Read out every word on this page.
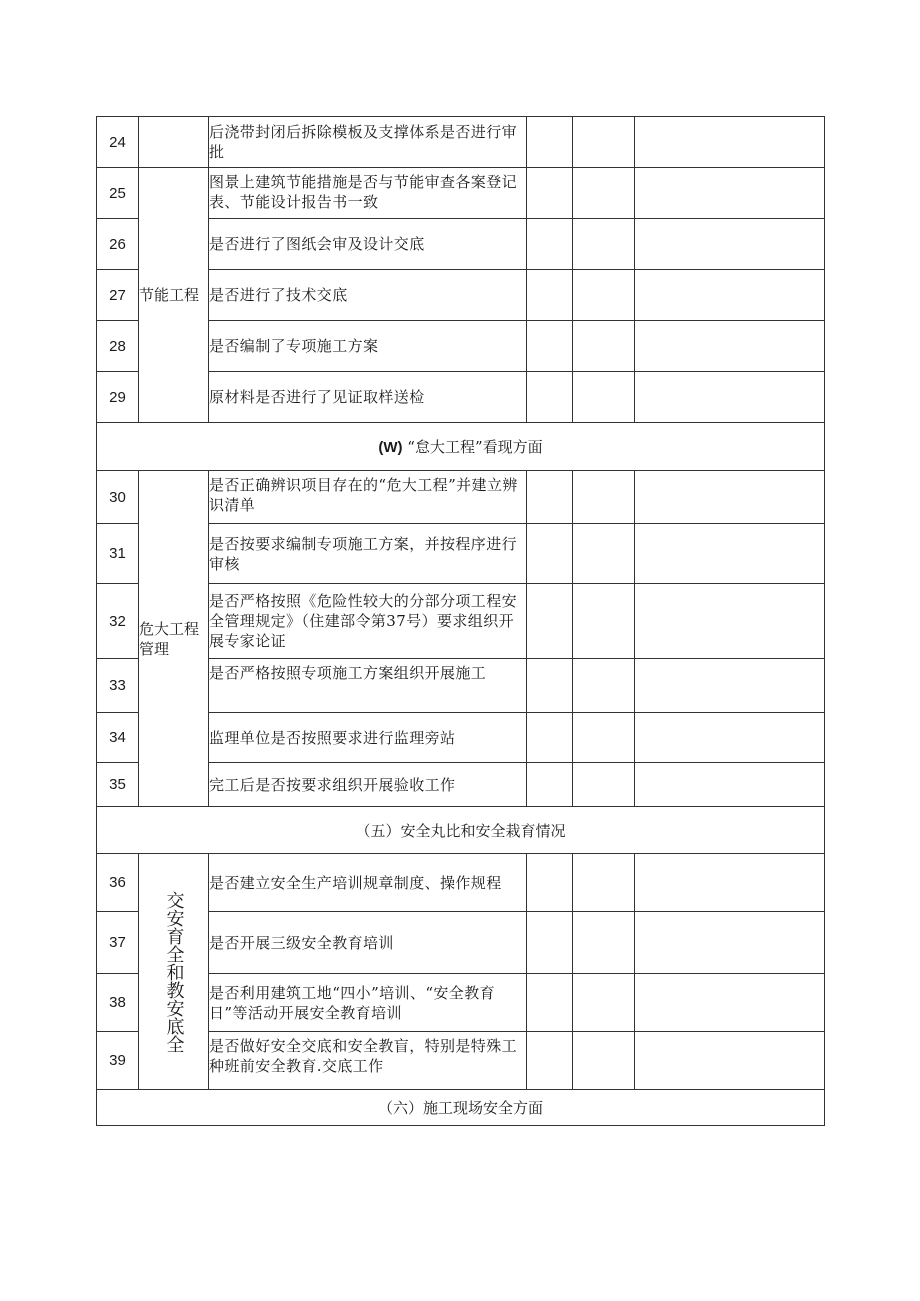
24		后浇带封闭后拆除模板及支撑体系是否进行审批			
25	节能工程	图景上建筑节能措施是否与节能审查各案登记表、节能设计报告书一致			
26		是否进行了图纸会审及设计交底			
27		是否进行了技术交底			
28		是否编制了专项施工方案			
29		原材料是否进行了见证取样送检			
(W) “怠大工程”看现方面					
30	危大工程管理	是否正确辨识项目存在的“危大工程”并建立辨识清单			
31		是否按要求编制专项施工方案，并按程序进行审核			
32		是否严格按照《危险性较大的分部分项工程安全管理规定》（住建部令第37号）要求组织开展专家论证			
33		是否严格按照专项施工方案组织开展施工			
34		监理单位是否按照要求进行监理旁站			
35		完工后是否按要求组织开展验收工作			
（五）安全丸比和安全栽育情况					
36	交安育全和教安底全	是否建立安全生产培训规章制度、操作规程			
37		是否开展三级安全教育培训			
38		是否利用建筑工地“四小”培训、“安全教育日”等活动开展安全教育培训			
39		是否做好安全交底和安全教盲，特别是特殊工种班前安全教育.交底工作			
（六）施工现场安全方面					
